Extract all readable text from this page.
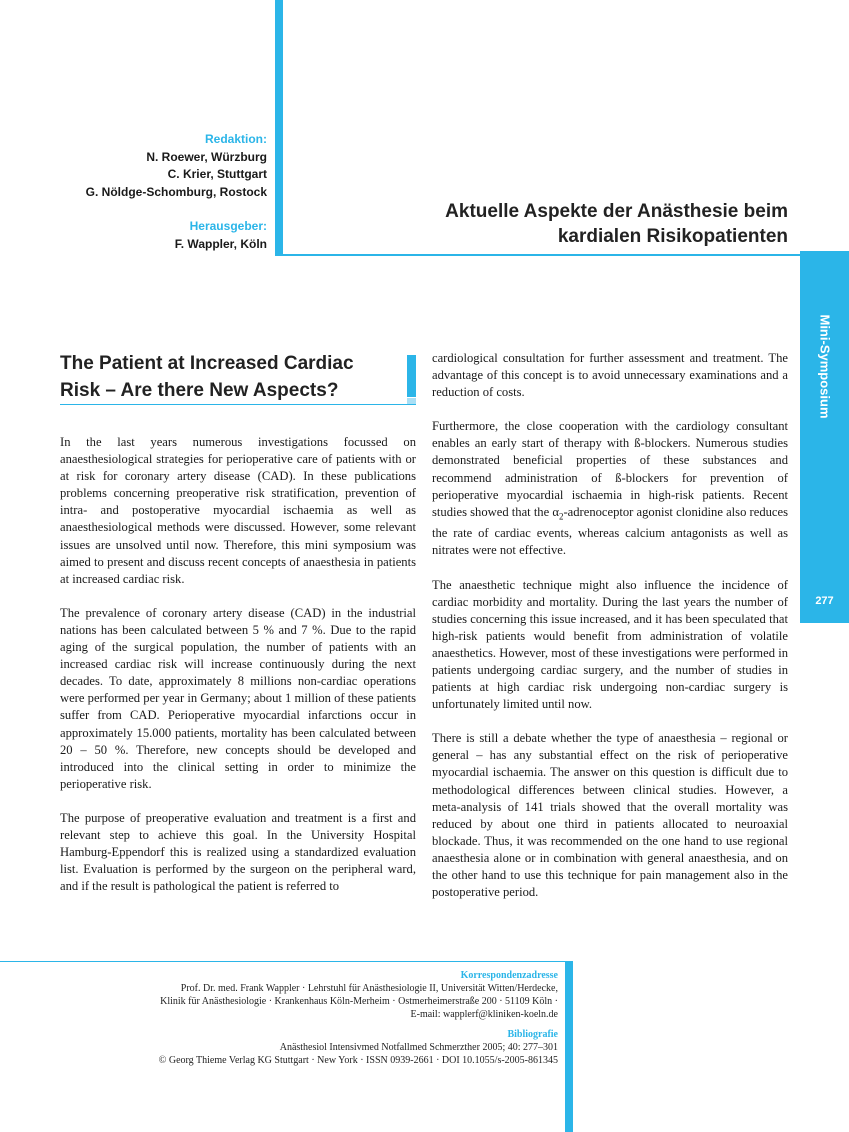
Redaktion:
N. Roewer, Würzburg
C. Krier, Stuttgart
G. Nöldge-Schomburg, Rostock
Herausgeber:
F. Wappler, Köln
Aktuelle Aspekte der Anästhesie beim
kardialen Risikopatienten
Mini-Symposium
277
The Patient at Increased Cardiac
Risk – Are there New Aspects?

In the last years numerous investigations focussed on anaesthesiological strategies for perioperative care of patients with or at risk for coronary artery disease (CAD). In these publications problems concerning preoperative risk stratification, prevention of intra- and postoperative myocardial ischaemia as well as anaesthesiological methods were discussed. However, some relevant issues are unsolved until now. Therefore, this mini symposium was aimed to present and discuss recent concepts of anaesthesia in patients at increased cardiac risk.

The prevalence of coronary artery disease (CAD) in the industrial nations has been calculated between 5 % and 7 %. Due to the rapid aging of the surgical population, the number of patients with an increased cardiac risk will increase continuously during the next decades. To date, approximately 8 millions non-cardiac operations were performed per year in Germany; about 1 million of these patients suffer from CAD. Perioperative myocardial infarctions occur in approximately 15.000 patients, mortality has been calculated between 20 – 50 %. Therefore, new concepts should be developed and introduced into the clinical setting in order to minimize the perioperative risk.

The purpose of preoperative evaluation and treatment is a first and relevant step to achieve this goal. In the University Hospital Hamburg-Eppendorf this is realized using a standardized evaluation list. Evaluation is performed by the surgeon on the peripheral ward, and if the result is pathological the patient is referred to

cardiological consultation for further assessment and treatment. The advantage of this concept is to avoid unnecessary examinations and a reduction of costs.

Furthermore, the close cooperation with the cardiology consultant enables an early start of therapy with ß-blockers. Numerous studies demonstrated beneficial properties of these substances and recommend administration of ß-blockers for prevention of perioperative myocardial ischaemia in high-risk patients. Recent studies showed that the $\alpha_2$-adrenoceptor agonist clonidine also reduces the rate of cardiac events, whereas calcium antagonists as well as nitrates were not effective.

The anaesthetic technique might also influence the incidence of cardiac morbidity and mortality. During the last years the number of studies concerning this issue increased, and it has been speculated that high-risk patients would benefit from administration of volatile anaesthetics. However, most of these investigations were performed in patients undergoing cardiac surgery, and the number of studies in patients at high cardiac risk undergoing non-cardiac surgery is unfortunately limited until now.

There is still a debate whether the type of anaesthesia – regional or general – has any substantial effect on the risk of perioperative myocardial ischaemia. The answer on this question is difficult due to methodological differences between clinical studies. However, a meta-analysis of 141 trials showed that the overall mortality was reduced by about one third in patients allocated to neuroaxial blockade. Thus, it was recommended on the one hand to use regional anaesthesia alone or in combination with general anaesthesia, and on the other hand to use this technique for pain management also in the postoperative period.

Korrespondenzadresse
Prof. Dr. med. Frank Wappler · Lehrstuhl für Anästhesiologie II, Universität Witten/Herdecke,
Klinik für Anästhesiologie · Krankenhaus Köln-Merheim · Ostmerheimerstraße 200 · 51109 Köln ·
E-mail: wapplerf@kliniken-koeln.de
Bibliografie
Anästhesiol Intensivmed Notfallmed Schmerzther 2005; 40: 277–301
© Georg Thieme Verlag KG Stuttgart · New York · ISSN 0939-2661 · DOI 10.1055/s-2005-861345
